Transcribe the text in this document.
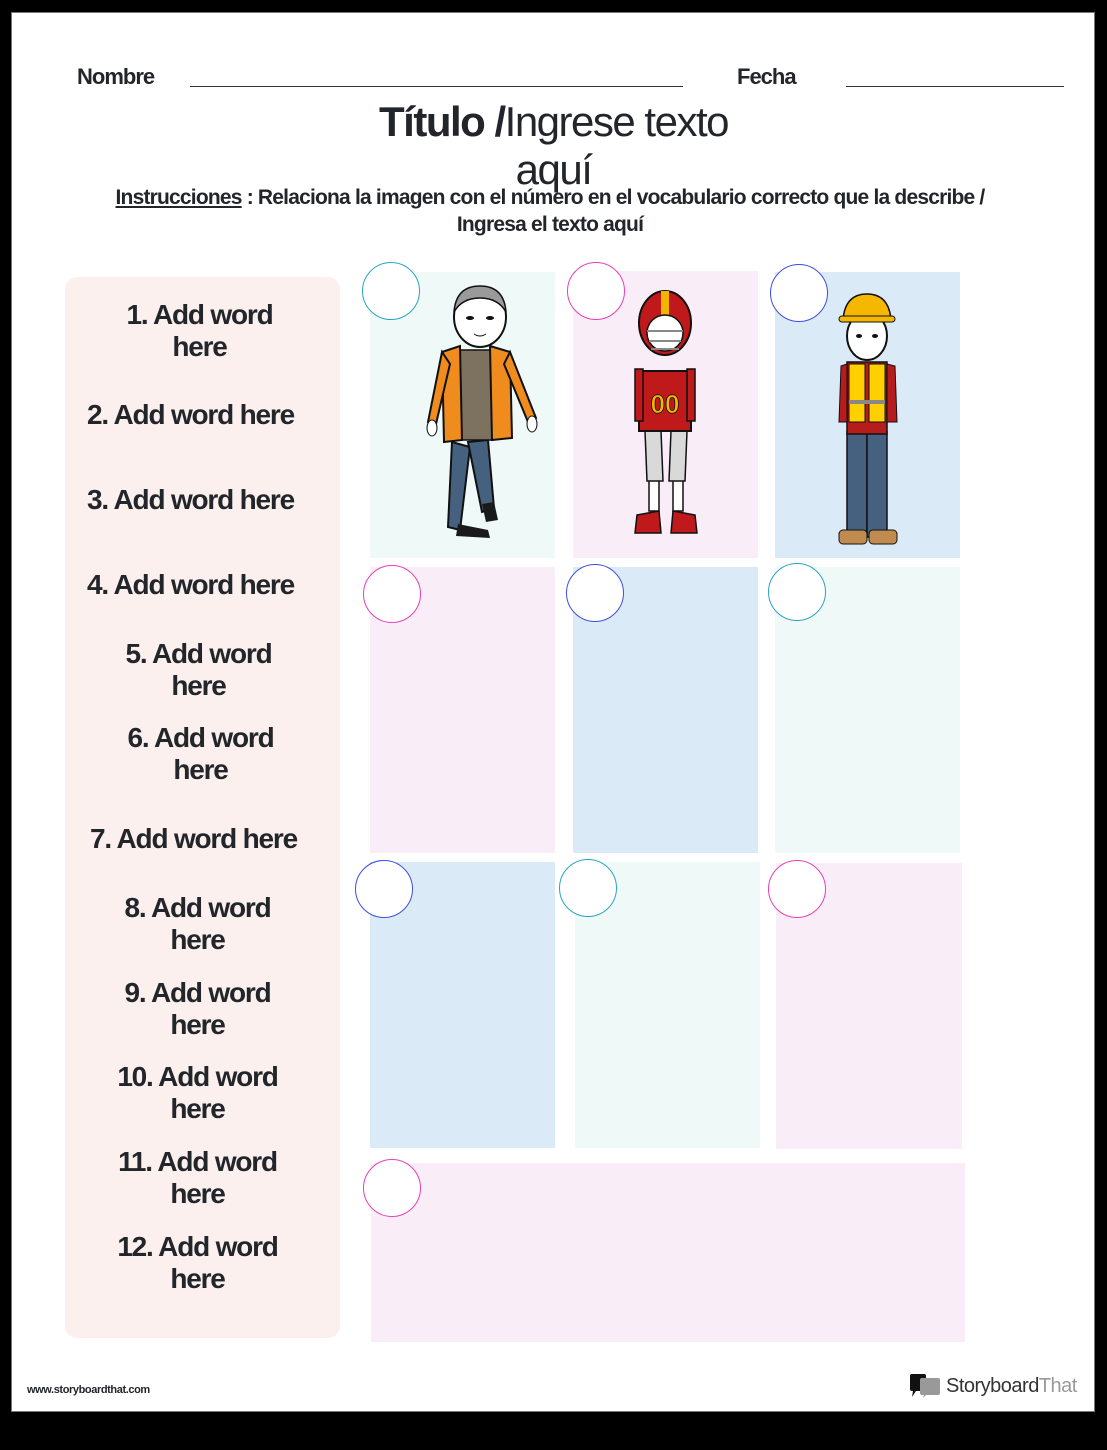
Nombre	Fecha
Título /Ingrese texto
aquí
Instrucciones : Relaciona la imagen con el número en el vocabulario correcto que la describe /
Ingresa el texto aquí
1. Add word
here
2. Add word here
3. Add word here
4. Add word here
5. Add word
here
6. Add word
here
7. Add word here
8. Add word
here
9. Add word
here
10. Add word
here
11. Add word
here
12. Add word
here
00
www.storyboardthat.com	Storyboard That
